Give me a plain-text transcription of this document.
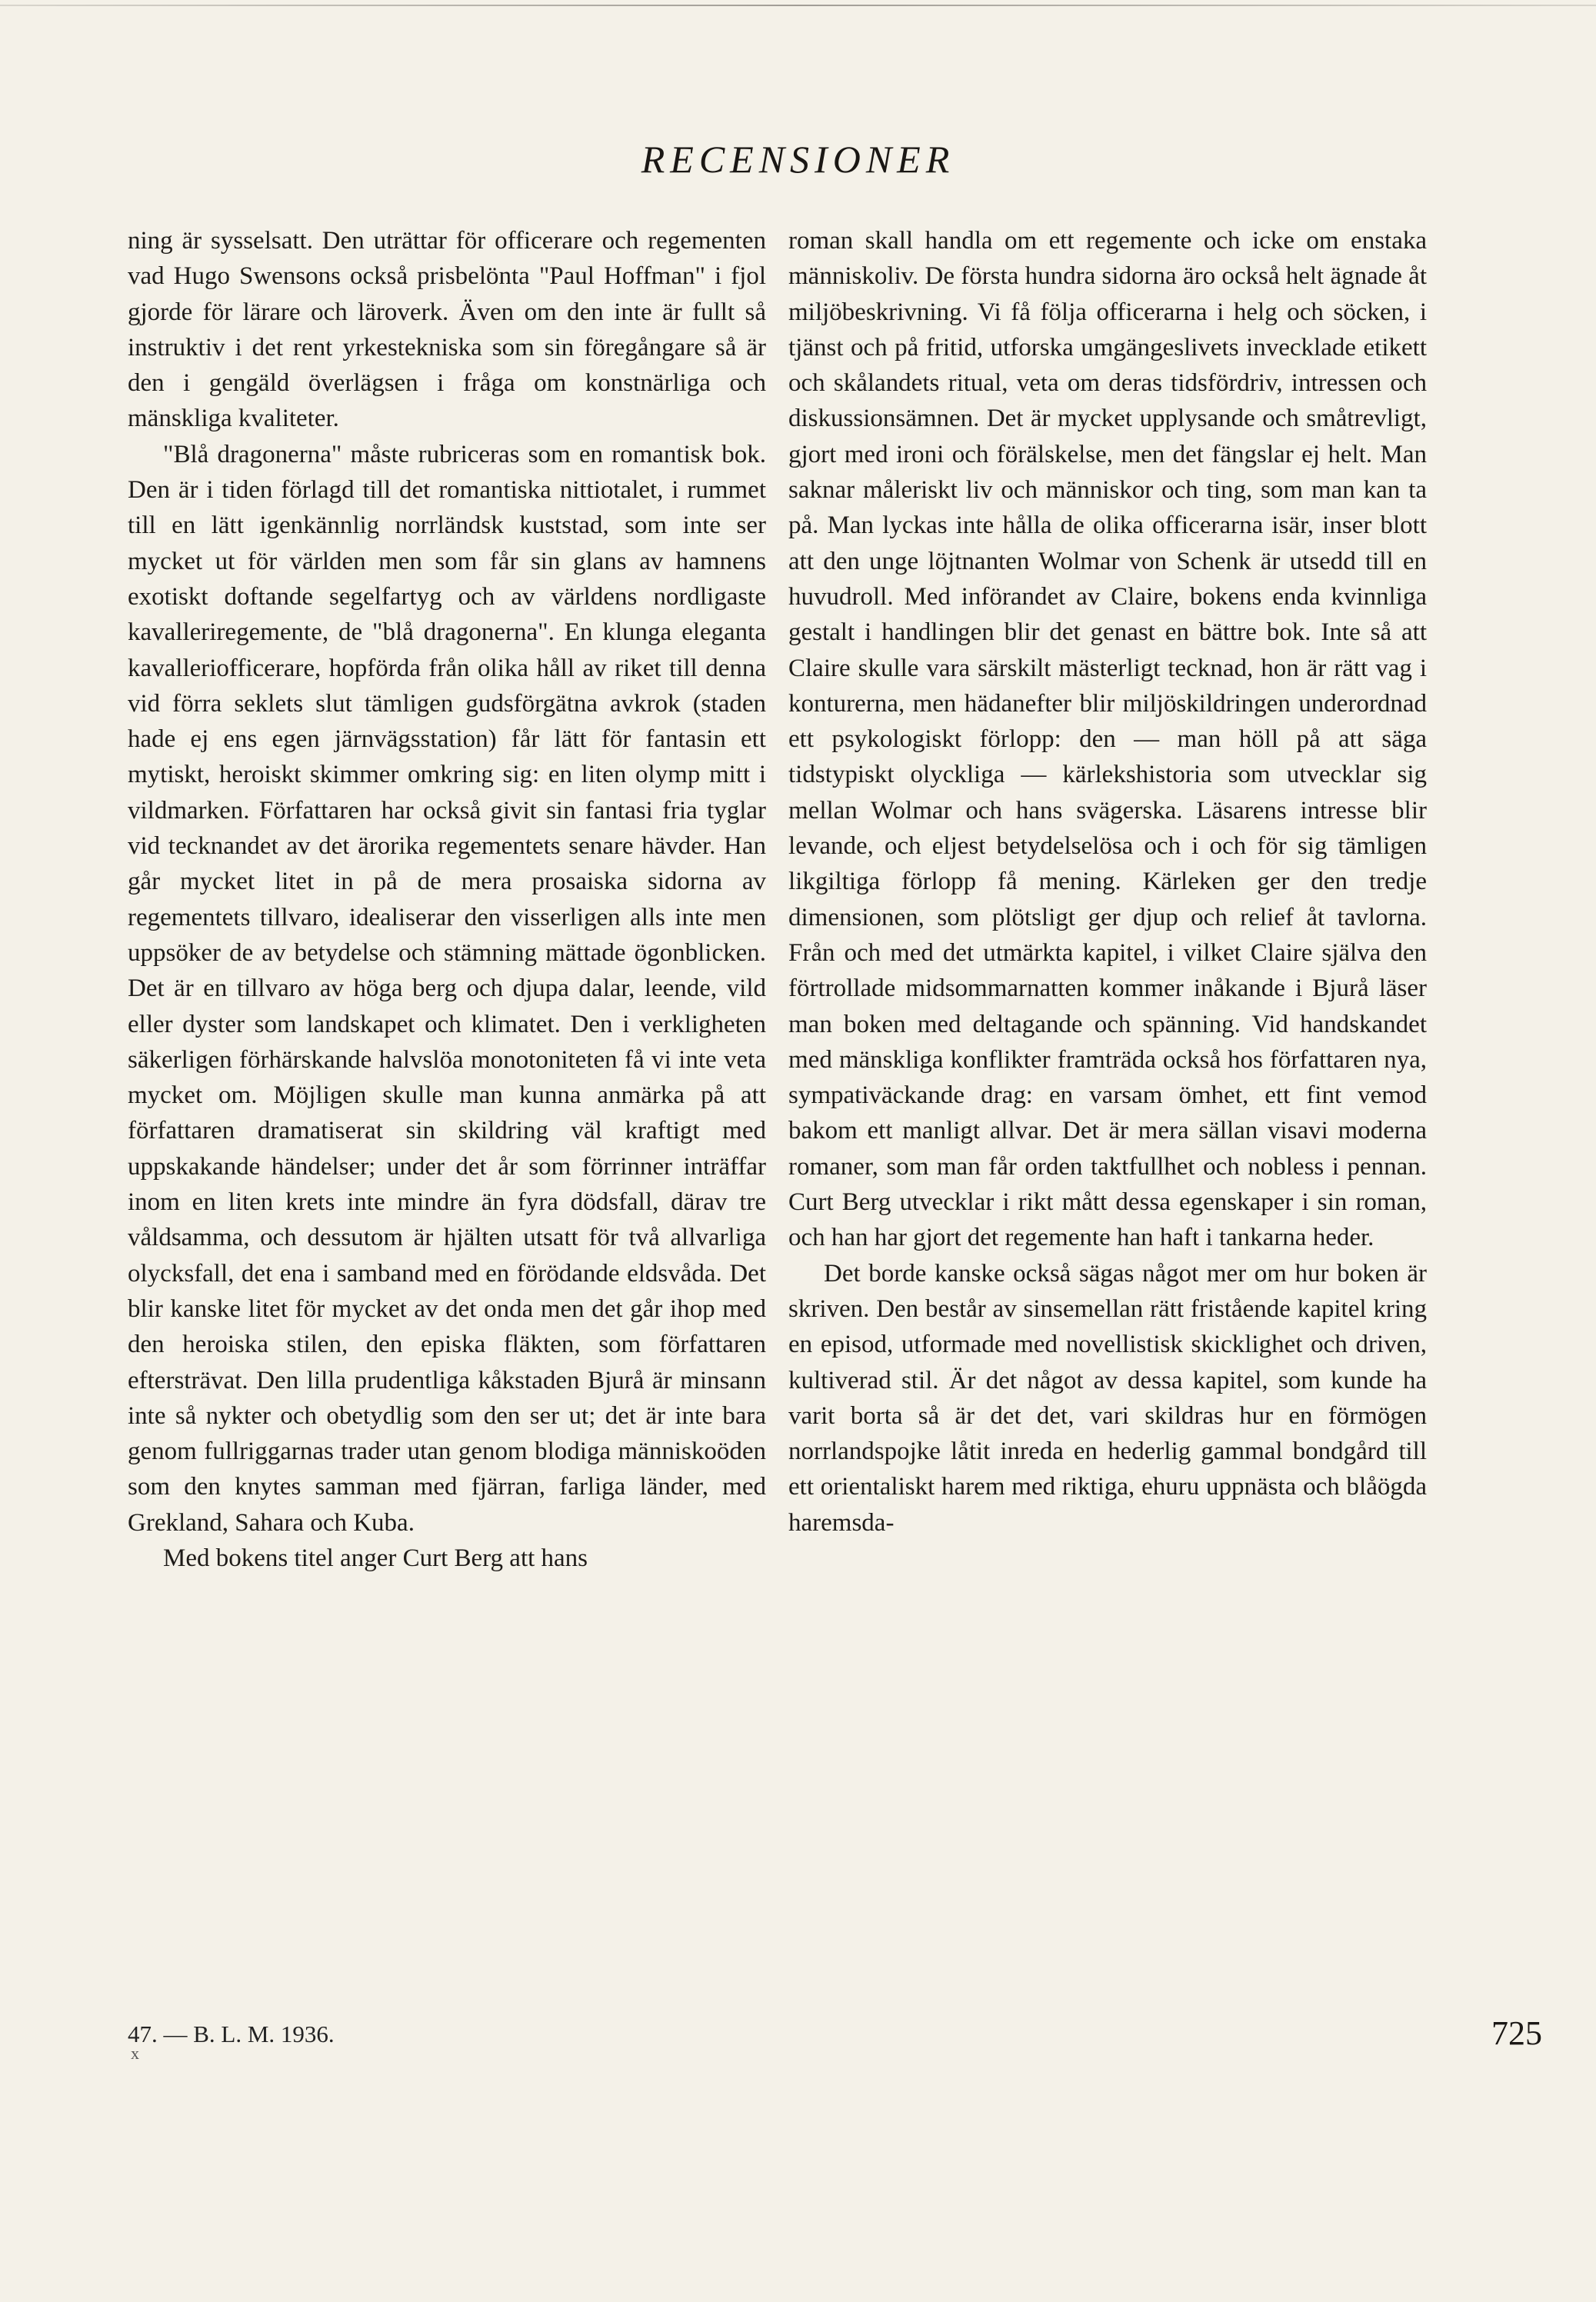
RECENSIONER

ning är sysselsatt. Den uträttar för officerare och regementen vad Hugo Swensons också prisbelönta "Paul Hoffman" i fjol gjorde för lärare och läroverk. Även om den inte är fullt så instruktiv i det rent yrkestekniska som sin föregångare så är den i gengäld överlägsen i fråga om konstnärliga och mänskliga kvaliteter.

"Blå dragonerna" måste rubriceras som en romantisk bok. Den är i tiden förlagd till det romantiska nittiotalet, i rummet till en lätt igenkännlig norrländsk kuststad, som inte ser mycket ut för världen men som får sin glans av hamnens exotiskt doftande segelfartyg och av världens nordligaste kavalleriregemente, de "blå dragonerna". En klunga eleganta kavalleriofficerare, hopförda från olika håll av riket till denna vid förra seklets slut tämligen gudsförgätna avkrok (staden hade ej ens egen järnvägsstation) får lätt för fantasin ett mytiskt, heroiskt skimmer omkring sig: en liten olymp mitt i vildmarken. Författaren har också givit sin fantasi fria tyglar vid tecknandet av det ärorika regementets senare hävder. Han går mycket litet in på de mera prosaiska sidorna av regementets tillvaro, idealiserar den visserligen alls inte men uppsöker de av betydelse och stämning mättade ögonblicken. Det är en tillvaro av höga berg och djupa dalar, leende, vild eller dyster som landskapet och klimatet. Den i verkligheten säkerligen förhärskande halvslöa monotoniteten få vi inte veta mycket om. Möjligen skulle man kunna anmärka på att författaren dramatiserat sin skildring väl kraftigt med uppskakande händelser; under det år som förrinner inträffar inom en liten krets inte mindre än fyra dödsfall, därav tre våldsamma, och dessutom är hjälten utsatt för två allvarliga olycksfall, det ena i samband med en förödande eldsvåda. Det blir kanske litet för mycket av det onda men det går ihop med den heroiska stilen, den episka fläkten, som författaren eftersträvat. Den lilla prudentliga kåkstaden Bjurå är minsann inte så nykter och obetydlig som den ser ut; det är inte bara genom fullriggarnas trader utan genom blodiga människoöden som den knytes samman med fjärran, farliga länder, med Grekland, Sahara och Kuba.

Med bokens titel anger Curt Berg att hans

roman skall handla om ett regemente och icke om enstaka människoliv. De första hundra sidorna äro också helt ägnade åt miljöbeskrivning. Vi få följa officerarna i helg och söcken, i tjänst och på fritid, utforska umgängeslivets invecklade etikett och skålandets ritual, veta om deras tidsfördriv, intressen och diskussionsämnen. Det är mycket upplysande och småtrevligt, gjort med ironi och förälskelse, men det fängslar ej helt. Man saknar måleriskt liv och människor och ting, som man kan ta på. Man lyckas inte hålla de olika officerarna isär, inser blott att den unge löjtnanten Wolmar von Schenk är utsedd till en huvudroll. Med införandet av Claire, bokens enda kvinnliga gestalt i handlingen blir det genast en bättre bok. Inte så att Claire skulle vara särskilt mästerligt tecknad, hon är rätt vag i konturerna, men hädanefter blir miljöskildringen underordnad ett psykologiskt förlopp: den — man höll på att säga tidstypiskt olyckliga — kärlekshistoria som utvecklar sig mellan Wolmar och hans svägerska. Läsarens intresse blir levande, och eljest betydelselösa och i och för sig tämligen likgiltiga förlopp få mening. Kärleken ger den tredje dimensionen, som plötsligt ger djup och relief åt tavlorna. Från och med det utmärkta kapitel, i vilket Claire själva den förtrollade midsommarnatten kommer inåkande i Bjurå läser man boken med deltagande och spänning. Vid handskandet med mänskliga konflikter framträda också hos författaren nya, sympativäckande drag: en varsam ömhet, ett fint vemod bakom ett manligt allvar. Det är mera sällan visavi moderna romaner, som man får orden taktfullhet och nobless i pennan. Curt Berg utvecklar i rikt mått dessa egenskaper i sin roman, och han har gjort det regemente han haft i tankarna heder.

Det borde kanske också sägas något mer om hur boken är skriven. Den består av sinsemellan rätt fristående kapitel kring en episod, utformade med novellistisk skicklighet och driven, kultiverad stil. Är det något av dessa kapitel, som kunde ha varit borta så är det det, vari skildras hur en förmögen norrlandspojke låtit inreda en hederlig gammal bondgård till ett orientaliskt harem med riktiga, ehuru uppnästa och blåögda haremsda-

47. — B. L. M. 1936.
x
725
